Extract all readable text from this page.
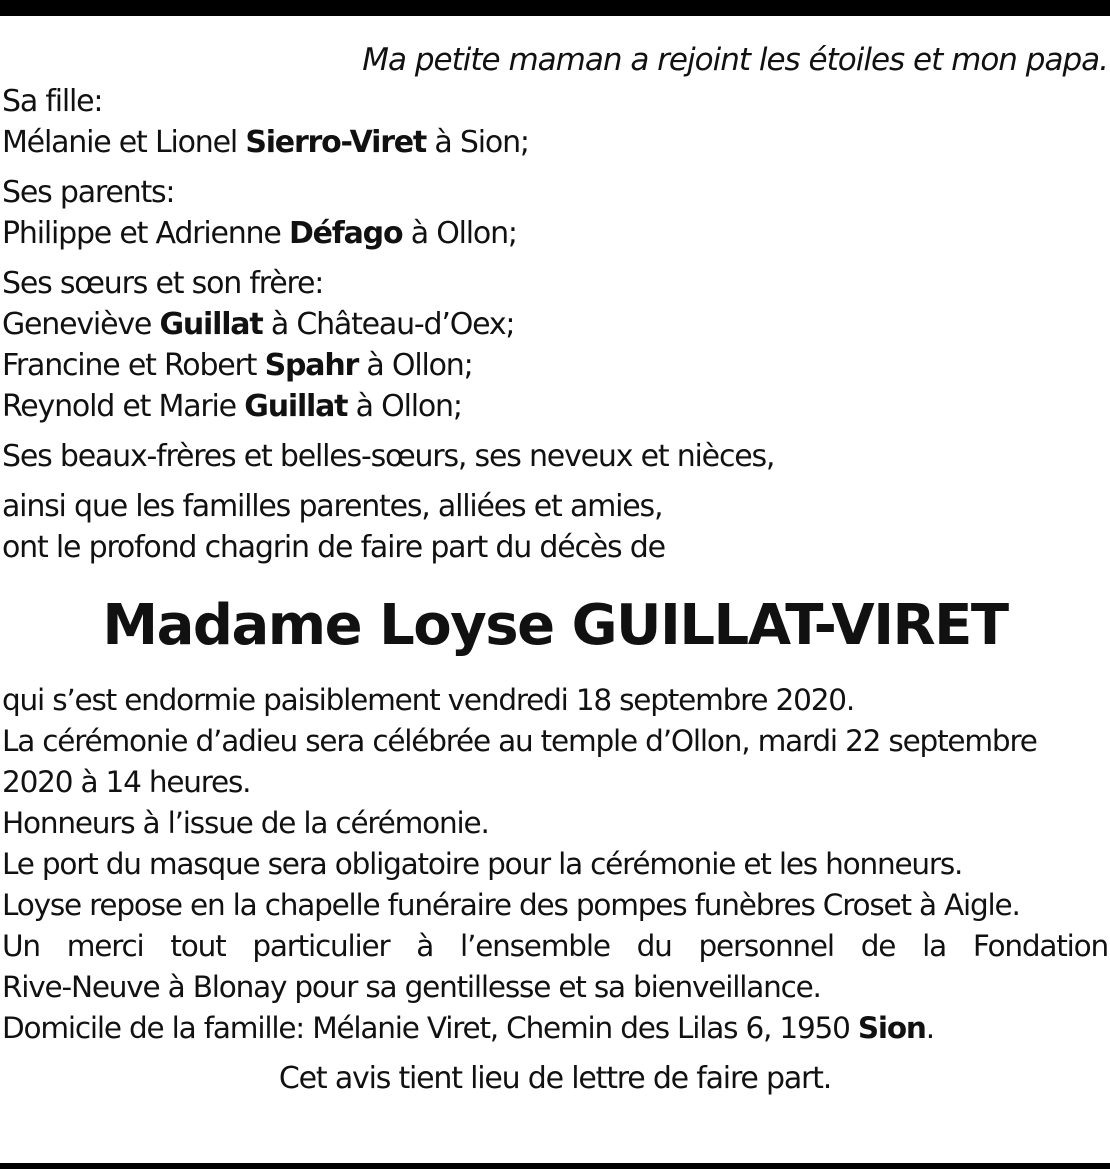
Ma petite maman a rejoint les étoiles et mon papa.
Sa fille:
Mélanie et Lionel Sierro-Viret à Sion;
Ses parents:
Philippe et Adrienne Défago à Ollon;
Ses sœurs et son frère:
Geneviève Guillat à Château-d’Oex;
Francine et Robert Spahr à Ollon;
Reynold et Marie Guillat à Ollon;
Ses beaux-frères et belles-sœurs, ses neveux et nièces,
ainsi que les familles parentes, alliées et amies,
ont le profond chagrin de faire part du décès de
Madame Loyse GUILLAT-VIRET
qui s’est endormie paisiblement vendredi 18 septembre 2020.
La cérémonie d’adieu sera célébrée au temple d’Ollon, mardi 22 septembre
2020 à 14 heures.
Honneurs à l’issue de la cérémonie.
Le port du masque sera obligatoire pour la cérémonie et les honneurs.
Loyse repose en la chapelle funéraire des pompes funèbres Croset à Aigle.
Un merci tout particulier à l’ensemble du personnel de la Fondation
Rive-Neuve à Blonay pour sa gentillesse et sa bienveillance.
Domicile de la famille: Mélanie Viret, Chemin des Lilas 6, 1950 Sion.
Cet avis tient lieu de lettre de faire part.
